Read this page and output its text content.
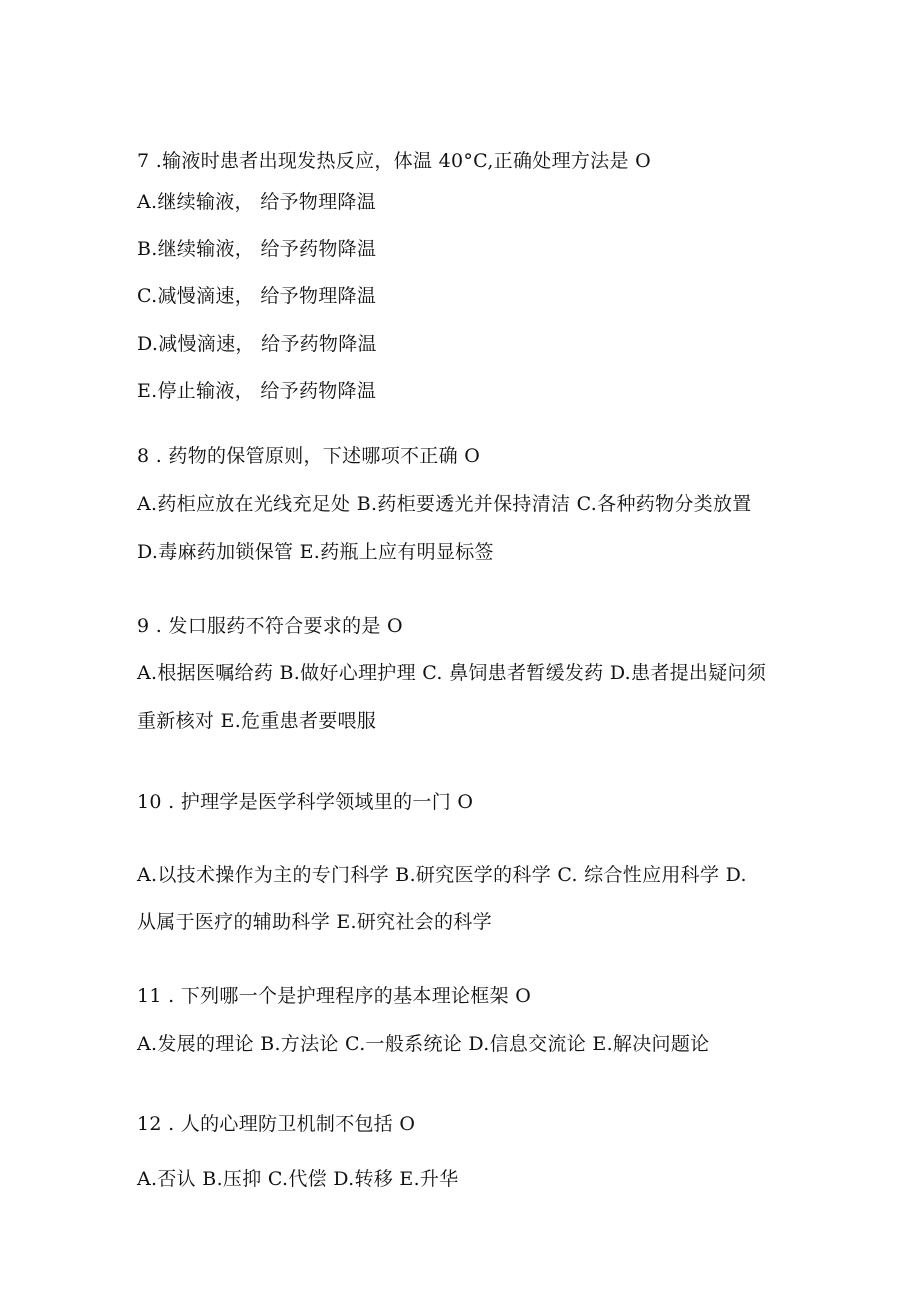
7 .输液时患者出现发热反应，体温 40°C,正确处理方法是 O
A.继续输液， 给予物理降温
B.继续输液， 给予药物降温
C.减慢滴速， 给予物理降温
D.减慢滴速， 给予药物降温
E.停止输液， 给予药物降温
8 . 药物的保管原则，下述哪项不正确 O
A.药柜应放在光线充足处 B.药柜要透光并保持清洁 C.各种药物分类放置
D.毒麻药加锁保管 E.药瓶上应有明显标签
9 . 发口服药不符合要求的是 O
A.根据医嘱给药 B.做好心理护理 C. 鼻饲患者暂缓发药 D.患者提出疑问须
重新核对 E.危重患者要喂服
10 . 护理学是医学科学领域里的一门 O
A.以技术操作为主的专门科学 B.研究医学的科学 C. 综合性应用科学 D.
从属于医疗的辅助科学 E.研究社会的科学
11 . 下列哪一个是护理程序的基本理论框架 O
A.发展的理论 B.方法论 C.一般系统论 D.信息交流论 E.解决问题论
12 . 人的心理防卫机制不包括 O
A.否认 B.压抑 C.代偿 D.转移 E.升华
